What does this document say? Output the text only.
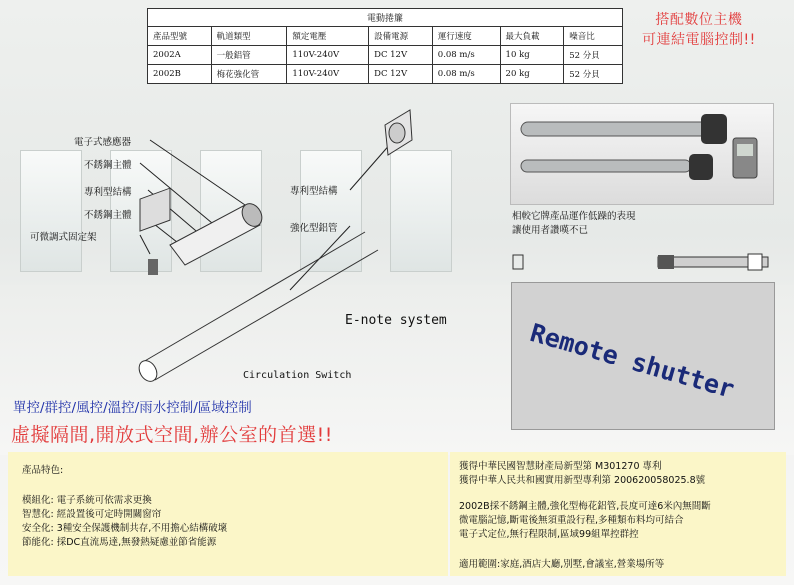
電動捲簾
產品型號	軌道類型	額定電壓	設備電源	運行速度	最大負載	噪音比
2002A	一般鋁管	110V-240V	DC 12V	0.08 m/s	10 kg	52 分貝
2002B	梅花強化管	110V-240V	DC 12V	0.08 m/s	20 kg	52 分貝
搭配數位主機
可連結電腦控制!!
電子式感應器
不銹鋼主體
專利型結構
不銹鋼主體
可微調式固定架
專利型結構
強化型鋁管
E-note system
Circulation Switch
相較它牌產品運作低躁的表現
讓使用者讚嘆不已
Remote shutter
單控/群控/風控/溫控/雨水控制/區域控制
虛擬隔間,開放式空間,辦公室的首選!!
產品特色:
模組化: 電子系統可依需求更換
智慧化: 經設置後可定時開關窗帘
安全化: 3種安全保護機制共存,不用擔心結構破壞
節能化: 採DC直流馬達,無發熱疑慮並節省能源
獲得中華民國智慧財產局新型第 M301270 專利
獲得中華人民共和國實用新型專利第 200620058025.8號
2002B採不銹鋼主體,強化型梅花鋁管,長度可達6米內無間斷
微電腦記憶,斷電後無須重設行程,多種類布料均可結合
電子式定位,無行程限制,區域99組單控群控
適用範圍:家庭,酒店大廳,別墅,會議室,營業場所等
